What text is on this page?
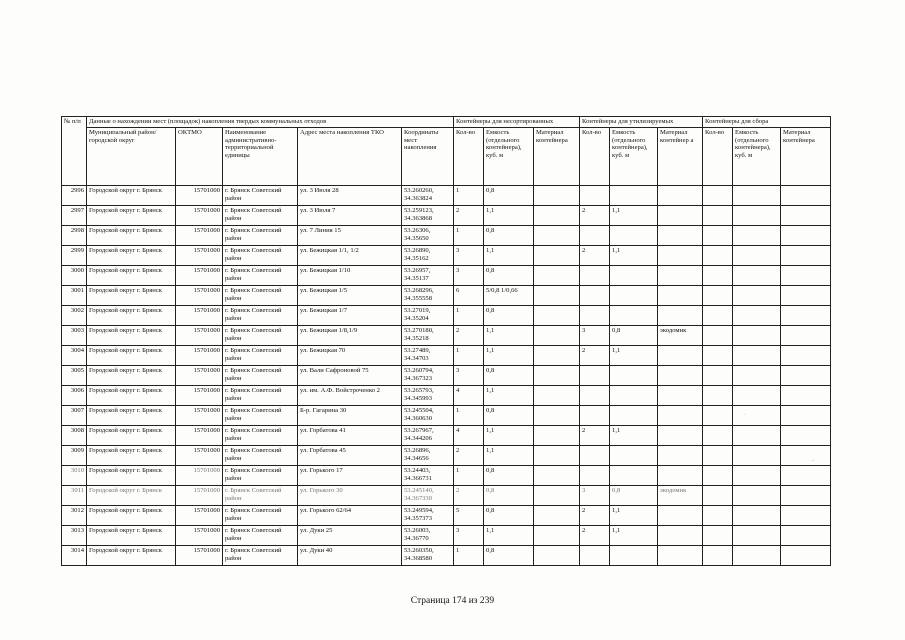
№ п/п	Данные о нахождении мест (площадок) накопления твердых коммунальных отходов					Контейнеры для несортированных			Контейнеры для утилизируемых			Контейнеры для сбора		
	Муниципальный район/городской округ	ОКТМО	Наименование административно-территориальной единицы	Адрес места накопления ТКО	Координаты мест накопления	Кол-во	Емкость (отдельного контейнера), куб. м	Материал контейнера	Кол-во	Емкость (отдельного контейнера), куб. м	Материал контейнер а	Кол-во	Емкость (отдельного контейнера), куб. м	Материал контейнера
2996	Городской округ г. Брянск	15701000	г. Брянск Советский район	ул. 3 Июля 28	53.260260, 34.363824	1	0,8							
2997	Городской округ г. Брянск	15701000	г. Брянск Советский район	ул. 3 Июля 7	53.259123, 34.363868	2	1,1		2	1,1				
2998	Городской округ г. Брянск	15701000	г. Брянск Советский район	ул. 7 Линия 15	53.26306, 34.35650	1	0,8							
2999	Городской округ г. Брянск	15701000	г. Брянск Советский район	ул. Бежицкая 1/1, 1/2	53.26890, 34.35162	3	1,1		2	1,1				
3000	Городской округ г. Брянск	15701000	г. Брянск Советский район	ул. Бежицкая 1/10	53.26957, 34.35137	3	0,8							
3001	Городской округ г. Брянск	15701000	г. Брянск Советский район	ул. Бежицкая 1/5	53.268296, 34.355558	6	5/0,8 1/0,66							
3002	Городской округ г. Брянск	15701000	г. Брянск Советский район	ул. Бежицкая 1/7	53.27019, 34.35204	1	0,8							
3003	Городской округ г. Брянск	15701000	г. Брянск Советский район	ул. Бежицкая 1/8,1/9	53.270180, 34.35218	2	1,1		3	0,8	экодомик			
3004	Городской округ г. Брянск	15701000	г. Брянск Советский район	ул. Бежицкая 70	53.27489, 34.34703	1	1,1		2	1,1				
3005	Городской округ г. Брянск	15701000	г. Брянск Советский район	ул. Вали Сафроновой 75	53.260794, 34.367323	3	0,8							
3006	Городской округ г. Брянск	15701000	г. Брянск Советский район	ул. им. А.Ф. Войстроченко 2	53.265793, 34.345993	4	1,1							
3007	Городской округ г. Брянск	15701000	г. Брянск Советский район	Б-р. Гагарина 30	53.245504, 34.360630	1	0,8							
3008	Городской округ г. Брянск	15701000	г. Брянск Советский район	ул. Горбатова 41	53.267967, 34.344206	4	1,1		2	1,1				
3009	Городской округ г. Брянск	15701000	г. Брянск Советский район	ул. Горбатова 45	53.26896, 34.34656	2	1,1							
3010	Городской округ г. Брянск	15701000	г. Брянск Советский район	ул. Горького 17	53.24403, 34.366731	1	0,8							
3011	Городской округ г. Брянск	15701000	г. Брянск Советский район	ул. Горького 30	53.245140, 34.367330	2	0,8		3	0,8	экодомик			
3012	Городской округ г. Брянск	15701000	г. Брянск Советский район	ул. Горького 62/64	53.249594, 34.357373	5	0,8		2	1,1				
3013	Городской округ г. Брянск	15701000	г. Брянск Советский район	ул. Дуки 25	53.26003, 34.36770	3	1,1		2	1,1				
3014	Городской округ г. Брянск	15701000	г. Брянск Советский район	ул. Дуки 40	53.260350, 34.368580	1	0,8							
Страница 174 из 239
·
‑
